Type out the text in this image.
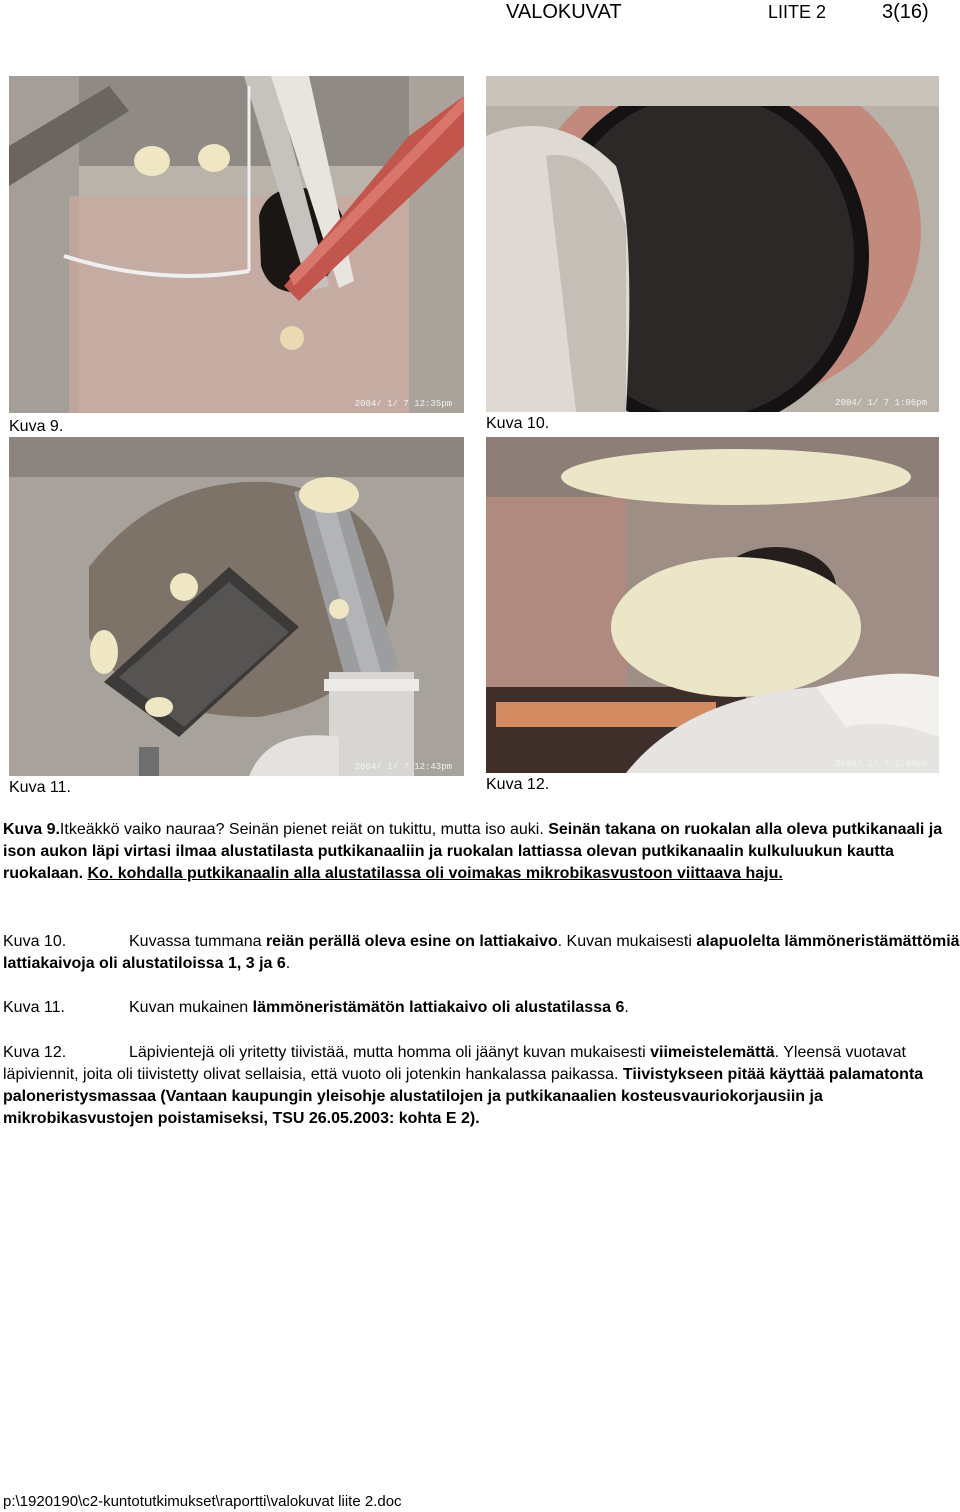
VALOKUVAT	LIITE 2	3(16)
2004/ 1/ 7 12:35pm
Kuva 9.
2004/ 1/ 7 1:06pm
Kuva 10.
2004/ 1/ 7 12:43pm
Kuva 11.
2004/ 1/ 7 1:09pm
Kuva 12.

Kuva 9.Itkeäkkö vaiko nauraa? Seinän pienet reiät on tukittu, mutta iso auki. Seinän takana on ruokalan alla oleva putkikanaali ja ison aukon läpi virtasi ilmaa alustatilasta putkikanaaliin ja ruokalan lattiassa olevan putkikanaalin kulkuluukun kautta ruokalaan. Ko. kohdalla putkikanaalin alla alustatilassa oli voimakas mikrobikasvustoon viittaava haju.

Kuva 10.	Kuvassa tummana reiän perällä oleva esine on lattiakaivo. Kuvan mukaisesti alapuolelta lämmöneristämättömiä lattiakaivoja oli alustatiloissa 1, 3 ja 6.

Kuva 11.	Kuvan mukainen lämmöneristämätön lattiakaivo oli alustatilassa 6.

Kuva 12.	Läpivientejä oli yritetty tiivistää, mutta homma oli jäänyt kuvan mukaisesti viimeistelemättä. Yleensä vuotavat läpiviennit, joita oli tiivistetty olivat sellaisia, että vuoto oli jotenkin hankalassa paikassa. Tiivistykseen pitää käyttää palamatonta paloneristysmassaa (Vantaan kaupungin yleisohje alustatilojen ja putkikanaalien kosteusvauriokorjausiin ja mikrobikasvustojen poistamiseksi, TSU 26.05.2003: kohta E 2).

p:\1920190\c2-kuntotutkimukset\raportti\valokuvat liite 2.doc
